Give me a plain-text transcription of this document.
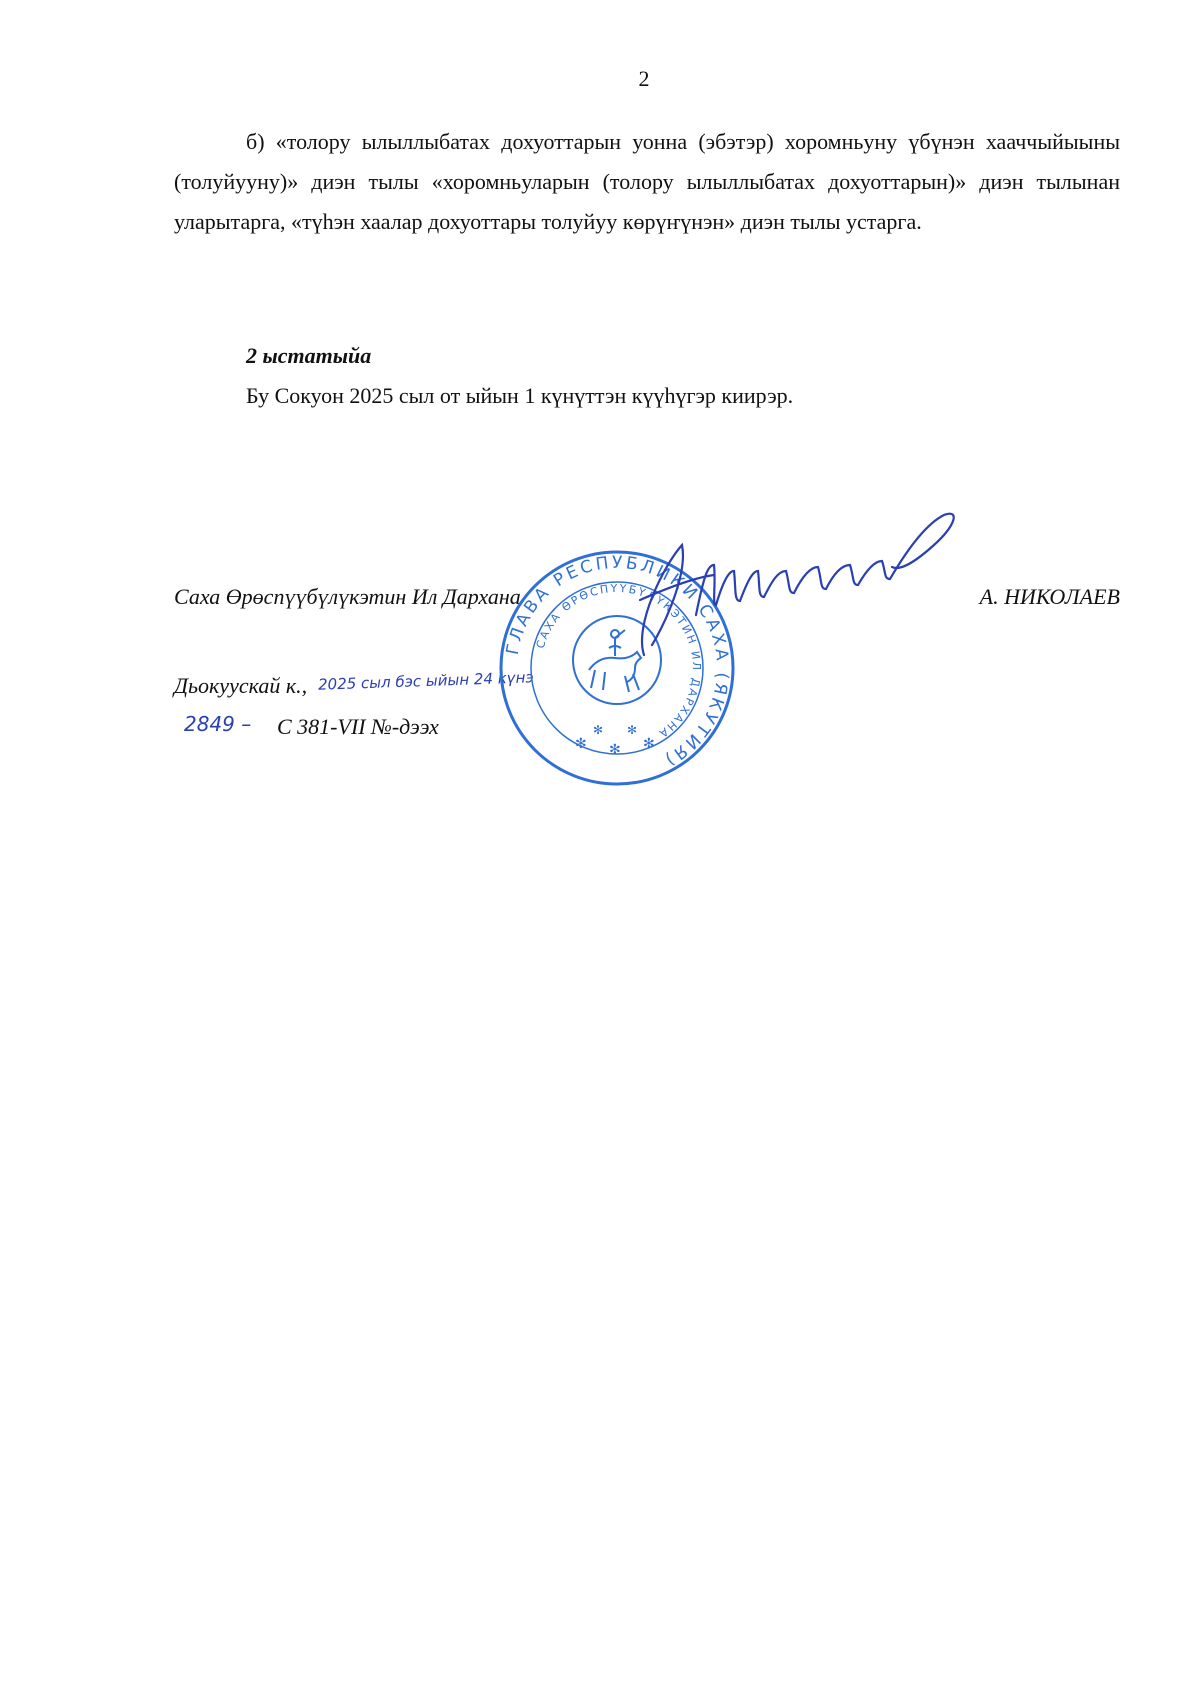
2

б) «толору ылыллыбатах дохуоттарын уонна (эбэтэр) хоромньуну үбүнэн хааччыйыыны (толуйууну)» диэн тылы «хоромньуларын (толору ылыллыбатах дохуоттарын)» диэн тылынан уларытарга, «түһэн хаалар дохуоттары толуйуу көрүҥүнэн» диэн тылы устарга.

2 ыстатыйа
Бу Сокуон 2025 сыл от ыйын 1 күнүттэн күүһүгэр киирэр.
Саха Өрөспүүбүлүкэтин Ил Дархана	А. НИКОЛАЕВ
Дьокуускай к.,
С 381-VII №-дээх
2025 сыл бэс ыйын 24 күнэ
2849 –
ГЛАВА РЕСПУБЛИКИ САХА (ЯКУТИЯ)
САХА ӨРӨСПҮҮБҮЛҮКЭТИН ИЛ ДАРХАНА
✻ ✻ ✻
✻ ✻
